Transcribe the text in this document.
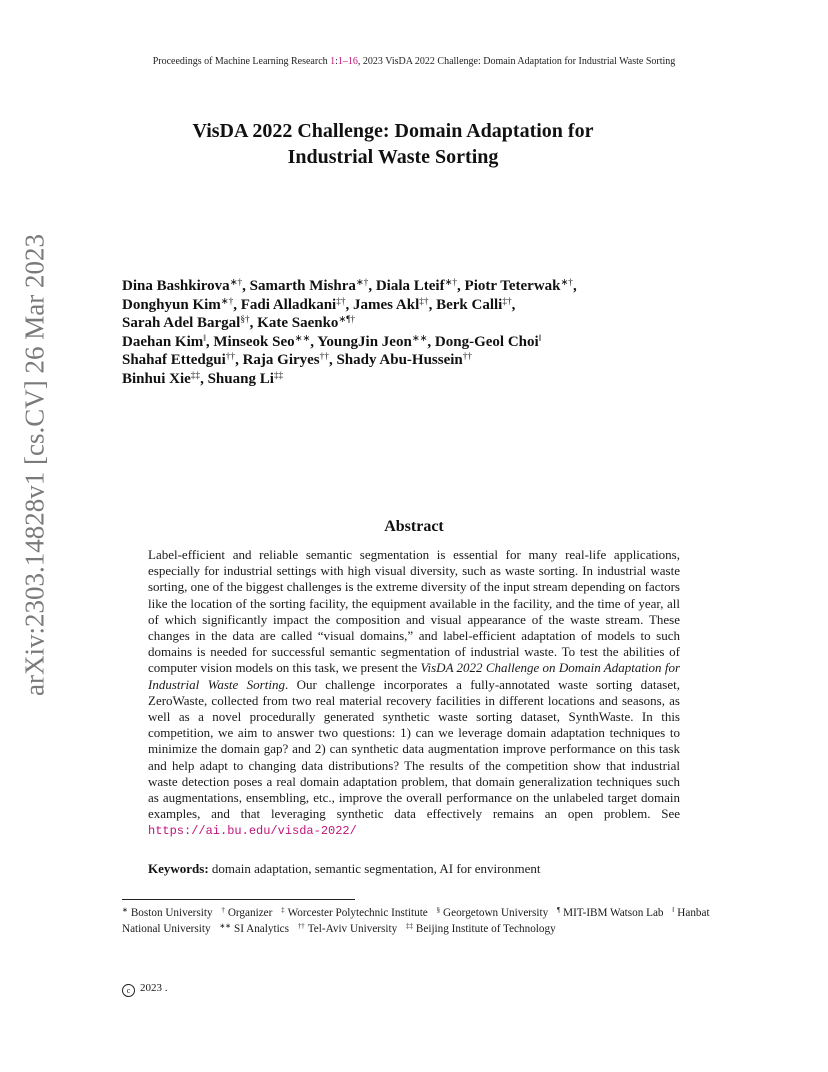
Proceedings of Machine Learning Research 1:1–16, 2023 VisDA 2022 Challenge: Domain Adaptation for Industrial Waste Sorting
arXiv:2303.14828v1 [cs.CV] 26 Mar 2023
VisDA 2022 Challenge: Domain Adaptation for
Industrial Waste Sorting
Dina Bashkirova∗†, Samarth Mishra∗†, Diala Lteif∗†, Piotr Teterwak∗†,
Donghyun Kim∗†, Fadi Alladkani‡†, James Akl‡†, Berk Calli‡†,
Sarah Adel Bargal§†, Kate Saenko∗¶†
Daehan Kim‖, Minseok Seo∗∗, YoungJin Jeon∗∗, Dong-Geol Choi‖
Shahaf Ettedgui††, Raja Giryes††, Shady Abu-Hussein††
Binhui Xie‡‡, Shuang Li‡‡
Abstract
Label-efficient and reliable semantic segmentation is essential for many real-life applications, especially for industrial settings with high visual diversity, such as waste sorting. In industrial waste sorting, one of the biggest challenges is the extreme diversity of the input stream depending on factors like the location of the sorting facility, the equipment available in the facility, and the time of year, all of which significantly impact the composition and visual appearance of the waste stream. These changes in the data are called “visual domains,” and label-efficient adaptation of models to such domains is needed for successful semantic segmentation of industrial waste. To test the abilities of computer vision models on this task, we present the VisDA 2022 Challenge on Domain Adaptation for Industrial Waste Sorting. Our challenge incorporates a fully-annotated waste sorting dataset, ZeroWaste, collected from two real material recovery facilities in different locations and seasons, as well as a novel procedurally generated synthetic waste sorting dataset, SynthWaste. In this competition, we aim to answer two questions: 1) can we leverage domain adaptation techniques to minimize the domain gap? and 2) can synthetic data augmentation improve performance on this task and help adapt to changing data distributions? The results of the competition show that industrial waste detection poses a real domain adaptation problem, that domain generalization techniques such as augmentations, ensembling, etc., improve the overall performance on the unlabeled target domain examples, and that leveraging synthetic data effectively remains an open problem. See https://ai.bu.edu/visda-2022/
Keywords: domain adaptation, semantic segmentation, AI for environment
∗ Boston University † Organizer ‡ Worcester Polytechnic Institute § Georgetown University ¶ MIT-IBM Watson Lab ‖ Hanbat National University ∗∗ SI Analytics †† Tel-Aviv University ‡‡ Beijing Institute of Technology
c 2023 .
